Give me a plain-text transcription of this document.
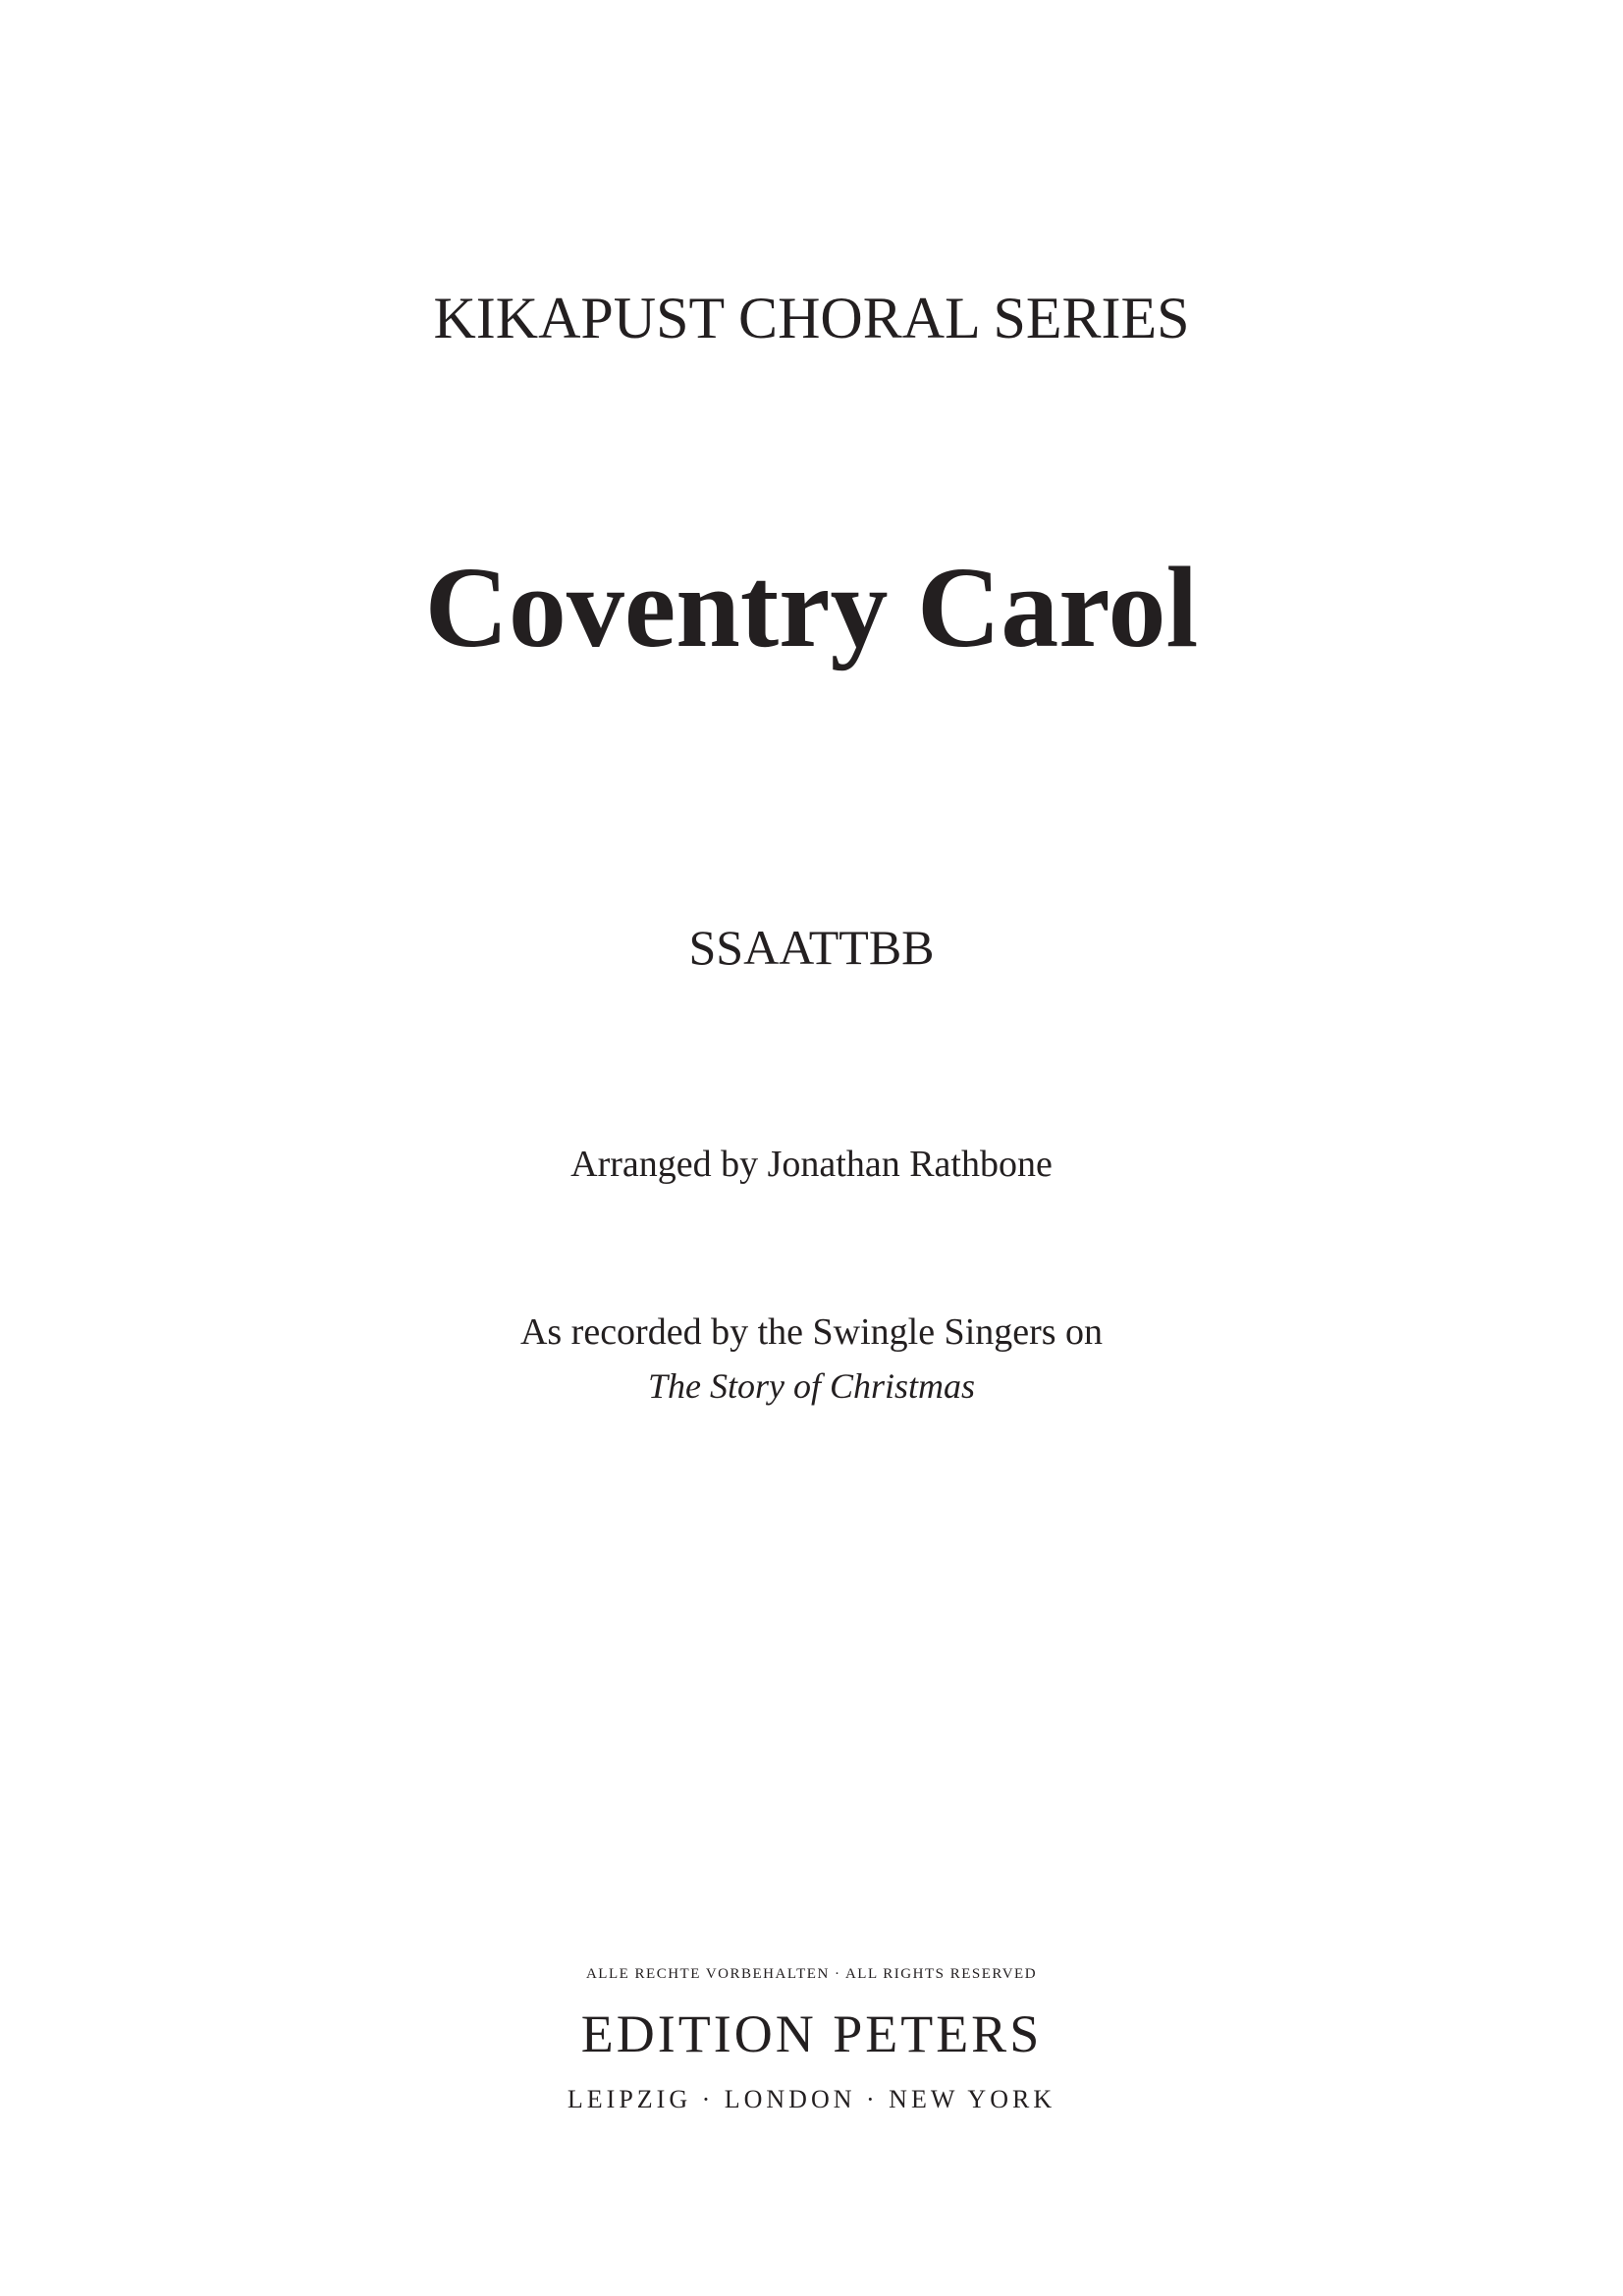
KIKAPUST CHORAL SERIES
Coventry Carol
SSAATTBB
Arranged by Jonathan Rathbone
As recorded by the Swingle Singers on
The Story of Christmas
ALLE RECHTE VORBEHALTEN · ALL RIGHTS RESERVED
EDITION PETERS
LEIPZIG · LONDON · NEW YORK
